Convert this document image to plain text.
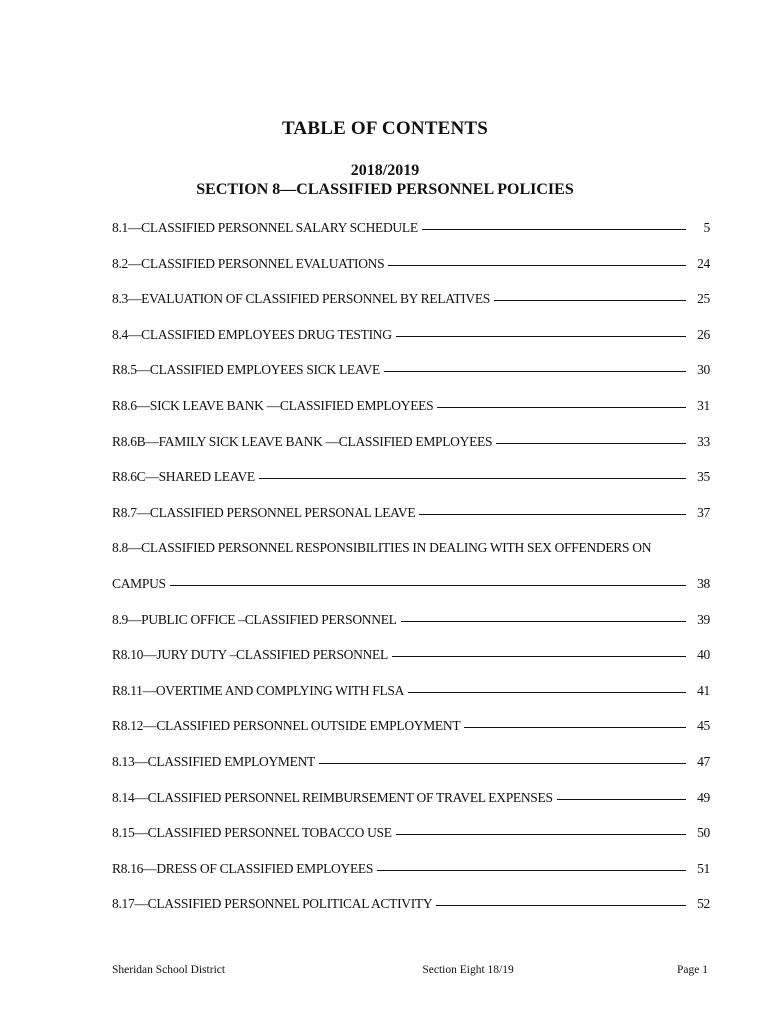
TABLE OF CONTENTS
2018/2019
SECTION 8—CLASSIFIED PERSONNEL POLICIES
8.1—CLASSIFIED PERSONNEL SALARY SCHEDULE	5
8.2—CLASSIFIED PERSONNEL EVALUATIONS	24
8.3—EVALUATION OF CLASSIFIED PERSONNEL BY RELATIVES	25
8.4—CLASSIFIED EMPLOYEES DRUG TESTING	26
R8.5—CLASSIFIED EMPLOYEES SICK LEAVE	30
R8.6—SICK LEAVE BANK —CLASSIFIED EMPLOYEES	31
R8.6B—FAMILY SICK LEAVE BANK —CLASSIFIED EMPLOYEES	33
R8.6C—SHARED LEAVE	35
R8.7—CLASSIFIED PERSONNEL PERSONAL LEAVE	37
8.8—CLASSIFIED PERSONNEL RESPONSIBILITIES IN DEALING WITH SEX OFFENDERS ON
CAMPUS	38
8.9—PUBLIC OFFICE –CLASSIFIED PERSONNEL	39
R8.10—JURY DUTY –CLASSIFIED PERSONNEL	40
R8.11—OVERTIME AND COMPLYING WITH FLSA	41
R8.12—CLASSIFIED PERSONNEL OUTSIDE EMPLOYMENT	45
8.13—CLASSIFIED EMPLOYMENT	47
8.14—CLASSIFIED PERSONNEL REIMBURSEMENT OF TRAVEL EXPENSES	49
8.15—CLASSIFIED PERSONNEL TOBACCO USE	50
R8.16—DRESS OF CLASSIFIED EMPLOYEES	51
8.17—CLASSIFIED PERSONNEL POLITICAL ACTIVITY	52
Sheridan School District	Section Eight 18/19	Page 1
